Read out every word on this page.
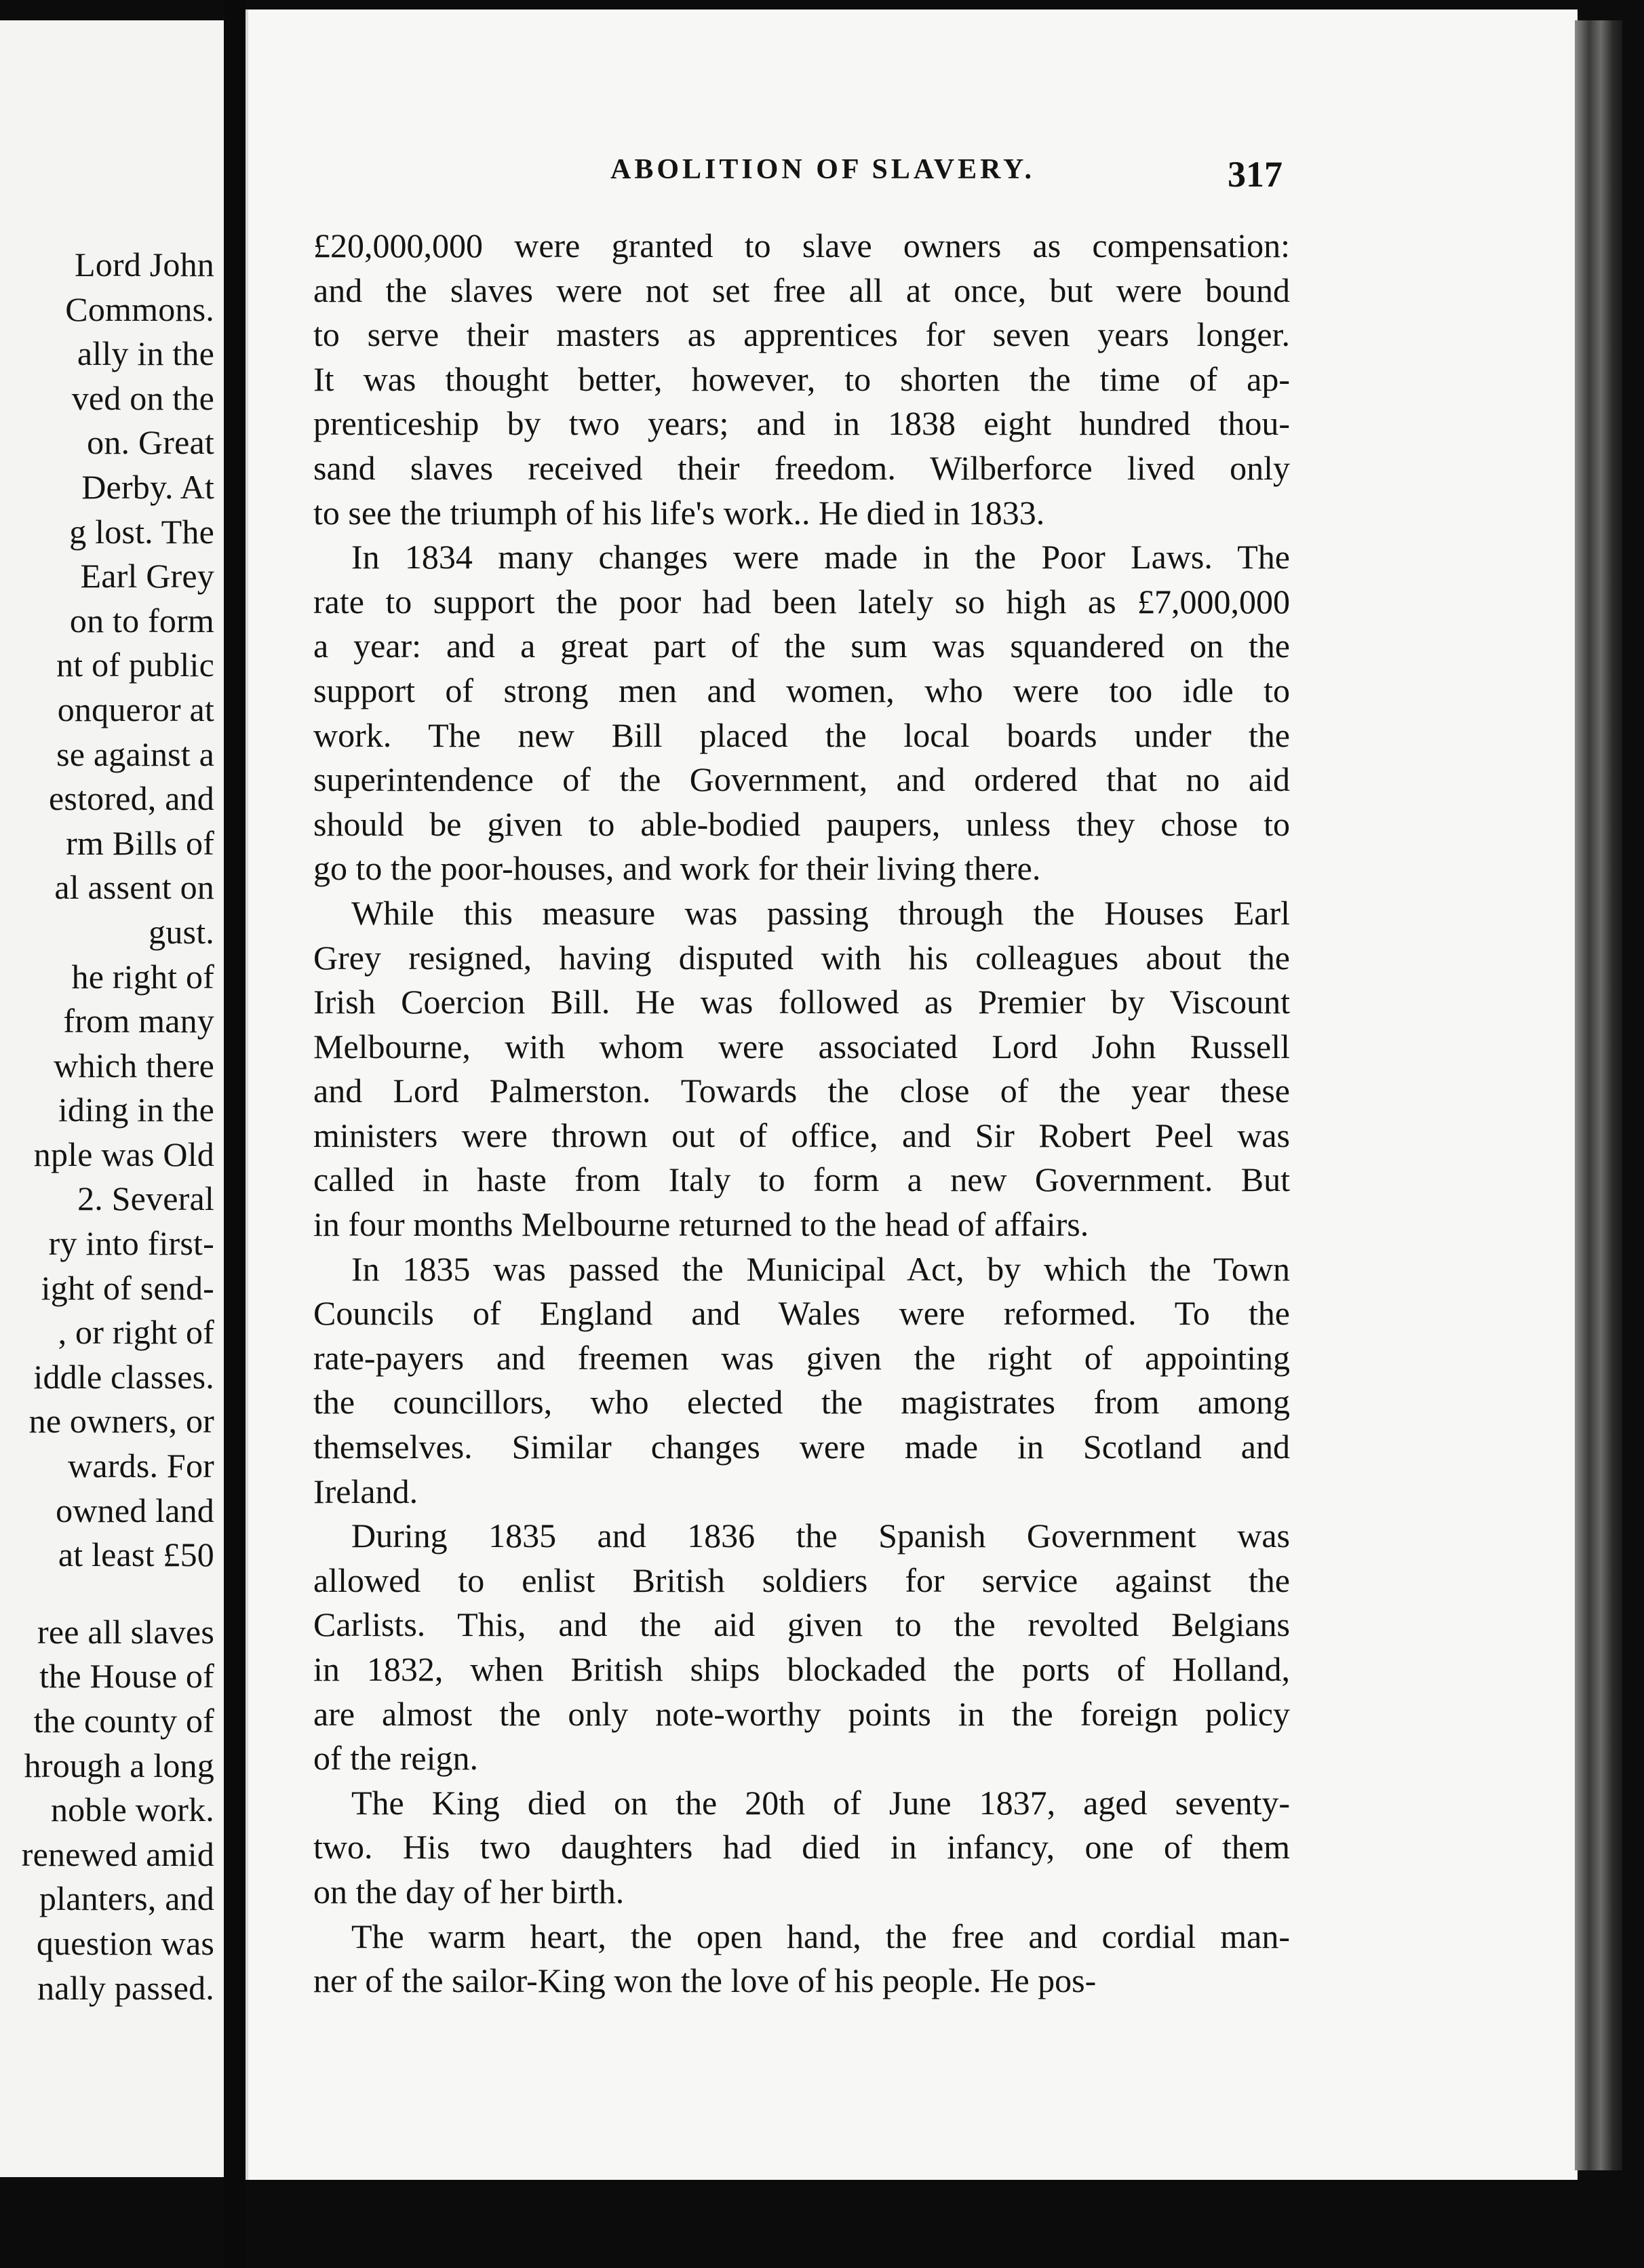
Lord John
Commons.
ally in the
ved on the
on. Great
Derby. At
g lost. The
Earl Grey
on to form
nt of public
onqueror at
se against a
estored, and
rm Bills of
al assent on
gust.
he right of
from many
which there
iding in the
nple was Old
2. Several
ry into first-
ight of send-
, or right of
iddle classes.
ne owners, or
wards. For
owned land
at least £50
ree all slaves
the House of
the county of
hrough a long
noble work.
renewed amid
planters, and
question was
nally passed.
ABOLITION OF SLAVERY.	317
£20,000,000 were granted to slave owners as compensation:
and the slaves were not set free all at once, but were bound
to serve their masters as apprentices for seven years longer.
It was thought better, however, to shorten the time of ap-
prenticeship by two years; and in 1838 eight hundred thou-
sand slaves received their freedom. Wilberforce lived only
to see the triumph of his life's work.. He died in 1833.
In 1834 many changes were made in the Poor Laws. The
rate to support the poor had been lately so high as £7,000,000
a year: and a great part of the sum was squandered on the
support of strong men and women, who were too idle to
work. The new Bill placed the local boards under the
superintendence of the Government, and ordered that no aid
should be given to able-bodied paupers, unless they chose to
go to the poor-houses, and work for their living there.
While this measure was passing through the Houses Earl
Grey resigned, having disputed with his colleagues about the
Irish Coercion Bill. He was followed as Premier by Viscount
Melbourne, with whom were associated Lord John Russell
and Lord Palmerston. Towards the close of the year these
ministers were thrown out of office, and Sir Robert Peel was
called in haste from Italy to form a new Government. But
in four months Melbourne returned to the head of affairs.
In 1835 was passed the Municipal Act, by which the Town
Councils of England and Wales were reformed. To the
rate-payers and freemen was given the right of appointing
the councillors, who elected the magistrates from among
themselves. Similar changes were made in Scotland and
Ireland.
During 1835 and 1836 the Spanish Government was
allowed to enlist British soldiers for service against the
Carlists. This, and the aid given to the revolted Belgians
in 1832, when British ships blockaded the ports of Holland,
are almost the only note-worthy points in the foreign policy
of the reign.
The King died on the 20th of June 1837, aged seventy-
two. His two daughters had died in infancy, one of them
on the day of her birth.
The warm heart, the open hand, the free and cordial man-
ner of the sailor-King won the love of his people. He pos-
